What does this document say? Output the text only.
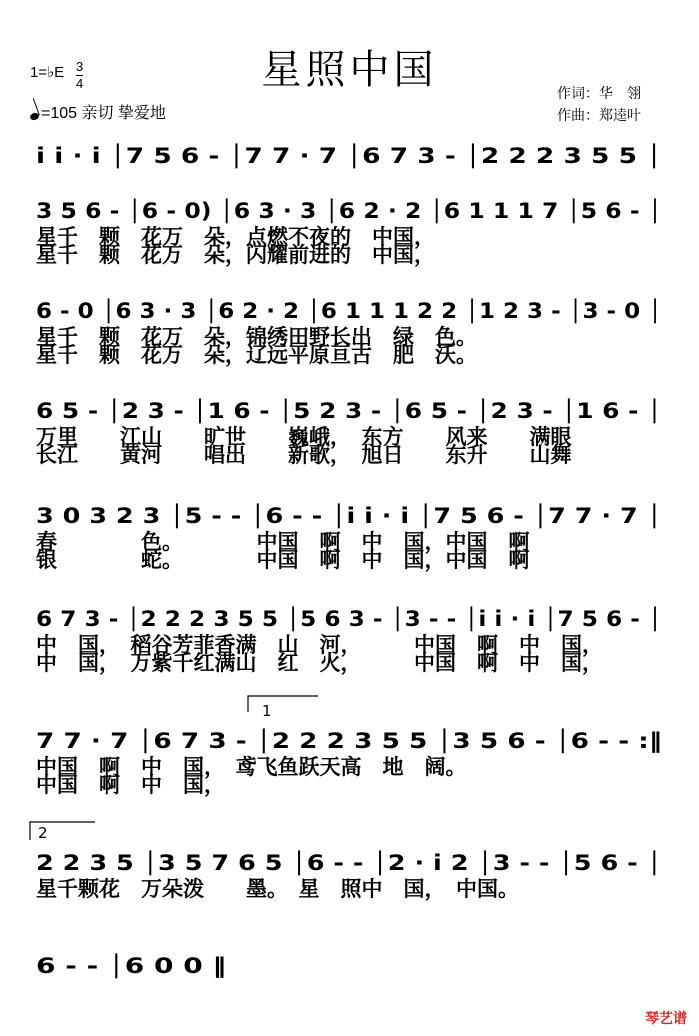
星照中国
1=♭E 3
4
=105 亲切 挚爱地
作词：华　翎
作曲：郑逵叶
i i · i │7 5 6 - │7 7 · 7 │6 7 3 - │2 2 2 3 5 5 │
3 5 6 - │6 - 0) │6 3 · 3 │6 2 · 2 │6 1 1 1 7 │5 6 - │
星千　颗　花万　朵，点燃不夜的　中国，
星千　颗　花万　朵，闪耀前进的　中国，
6 - 0 │6 3 · 3 │6 2 · 2 │6 1 1 1 2 2 │1 2 3 - │3 - 0 │
星千　颗　花万　朵，锦绣田野长出　绿　色。
星千　颗　花万　朵，辽远平原亘古　肥　沃。
6 5 - │2 3 - │1 6 - │5 2 3 - │6 5 - │2 3 - │1 6 - │
万里　　江山　　旷世　　巍峨，　东方　　风来　　满眼
长江　　黄河　　唱出　　新歌，　旭日　　东升　　山舞
3 0 3 2 3 │5 - - │6 - - │i i · i │7 5 6 - │7 7 · 7 │
春　　　　色。　　　　中国　啊　中　国，中国　啊
银　　　　蛇。　　　　中国　啊　中　国，中国　啊
6 7 3 - │2 2 2 3 5 5 │5 6 3 - │3 - - │i i · i │7 5 6 - │
中　国，　稻谷芳菲香满　山　河，　　　中国　啊　中　国，
中　国，　万紫千红满山　红　火，　　　中国　啊　中　国，
7 7 · 7 │6 7 3 - │2 2 2 3 5 5 │3 5 6 - │6 - - :‖
中国　啊　中　国，　鸢飞鱼跃天高　地　阔。
中国　啊　中　国，
2 2 3 5 │3 5 7 6 5 │6 - - │2 · i 2 │3 - - │5 6 - │
星千颗花　万朵泼　　墨。　星　照中　国，　中国。
6 - - │6 0 0 ‖
1
2
琴艺谱
